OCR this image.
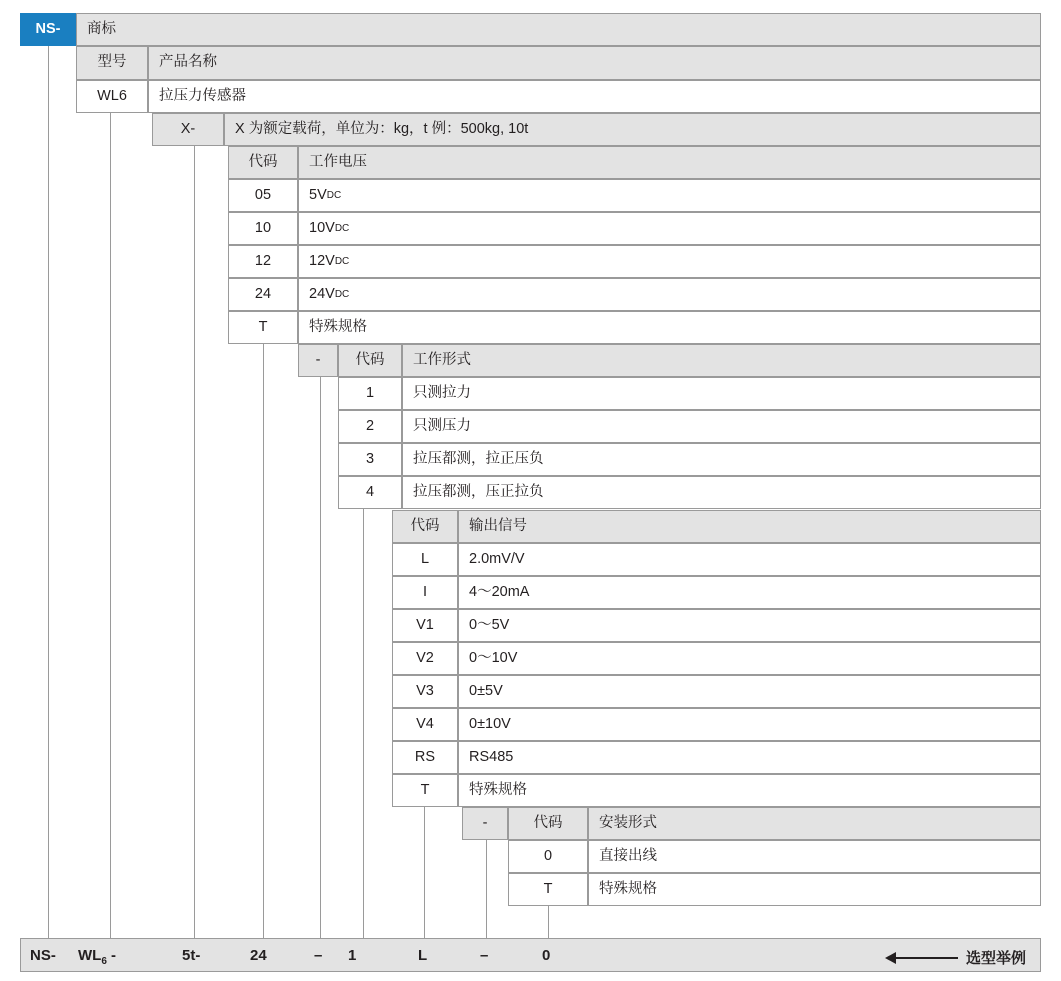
NS- 商标
型号 产品名称
WL6 拉压力传感器
X-	X 为额定载荷，单位为：kg，t 例：500kg, 10t
代码 工作电压
05	5V DC
10	10V DC
12	12V DC
24	24V DC
T	特殊规格
- 代码 工作形式
1	只测拉力
2	只测压力
3	拉压都测，拉正压负
4	拉压都测，压正拉负
代码 输出信号
L	2.0mV/V
I	4～20mA
V1 0～5V
V2 0～10V
V3 0±5V
V4 0±10V
RS RS485
T	特殊规格
-	代码	安装形式
0	直接出线
T	特殊规格
NS- $WL_6$ -	5t-	24	– 1	L	–	0	选型举例
